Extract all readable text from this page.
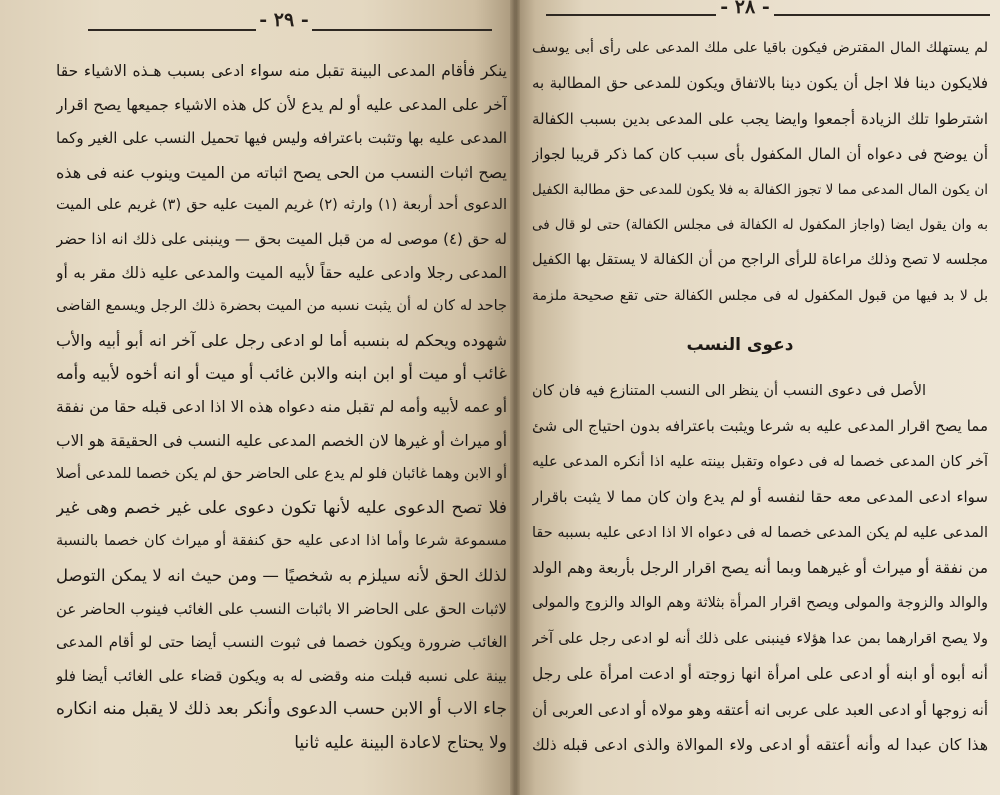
- ٢٩ -
ينكر فأقام المدعى البينة تقبل منه سواء ادعى بسبب هـذه الاشياء حقا
آخر على المدعى عليه أو لم يدع لأن كل هذه الاشياء جميعها يصح اقرار
المدعى عليه بها وتثبت باعترافه وليس فيها تحميل النسب على الغير وكما
يصح اثبات النسب من الحى يصح اثباته من الميت وينوب عنه فى هذه
الدعوى أحد أربعة (١) وارثه (٢) غريم الميت عليه حق (٣) غريم على الميت
له حق (٤) موصى له من قبل الميت بحق — وينبنى على ذلك انه اذا حضر
المدعى رجلا وادعى عليه حقاً لأبيه الميت والمدعى عليه ذلك مقر به أو
جاحد له كان له أن يثبت نسبه من الميت بحضرة ذلك الرجل ويسمع القاضى
شهوده ويحكم له بنسبه أما لو ادعى رجل على آخر انه أبو أبيه والأب
غائب أو ميت أو ابن ابنه والابن غائب أو ميت أو انه أخوه لأبيه وأمه
أو عمه لأبيه وأمه لم تقبل منه دعواه هذه الا اذا ادعى قبله حقا من نفقة
أو ميراث أو غيرها لان الخصم المدعى عليه النسب فى الحقيقة هو الاب
أو الابن وهما غائبان فلو لم يدع على الحاضر حق لم يكن خصما للمدعى أصلا
فلا تصح الدعوى عليه لأنها تكون دعوى على غير خصم وهى غير
مسموعة شرعا وأما اذا ادعى عليه حق كنفقة أو ميراث كان خصما بالنسبة
لذلك الحق لأنه سيلزم به شخصيًا — ومن حيث انه لا يمكن التوصل
لاثبات الحق على الحاضر الا باثبات النسب على الغائب فينوب الحاضر عن
الغائب ضرورة ويكون خصما فى ثبوت النسب أيضا حتى لو أقام المدعى
بينة على نسبه قبلت منه وقضى له به ويكون قضاء على الغائب أيضا فلو
جاء الاب أو الابن حسب الدعوى وأنكر بعد ذلك لا يقبل منه انكاره
ولا يحتاج لاعادة البينة عليه ثانيا
- ٢٨ -
لم يستهلك المال المقترض فيكون باقيا على ملك المدعى على رأى أبى يوسف
فلايكون دينا فلا اجل أن يكون دينا بالاتفاق ويكون للمدعى حق المطالبة به
اشترطوا تلك الزيادة أجمعوا وايضا يجب على المدعى بدين بسبب الكفالة
أن يوضح فى دعواه أن المال المكفول بأى سبب كان كما ذكر قريبا لجواز
ان يكون المال المدعى مما لا تجوز الكفالة به فلا يكون للمدعى حق مطالبة الكفيل
به وان يقول ايضا (واجاز المكفول له الكفالة فى مجلس الكفالة) حتى لو قال فى
مجلسه لا تصح وذلك مراعاة للرأى الراجح من أن الكفالة لا يستقل بها الكفيل
بل لا بد فيها من قبول المكفول له فى مجلس الكفالة حتى تقع صحيحة ملزمة
دعوى النسب
الأصل فى دعوى النسب أن ينظر الى النسب المتنازع فيه فان كان
مما يصح اقرار المدعى عليه به شرعا ويثبت باعترافه بدون احتياج الى شئ
آخر كان المدعى خصما له فى دعواه وتقبل بينته عليه اذا أنكره المدعى عليه
سواء ادعى المدعى معه حقا لنفسه أو لم يدع وان كان مما لا يثبت باقرار
المدعى عليه لم يكن المدعى خصما له فى دعواه الا اذا ادعى عليه بسببه حقا
من نفقة أو ميراث أو غيرهما وبما أنه يصح اقرار الرجل بأربعة وهم الولد
والوالد والزوجة والمولى ويصح اقرار المرأة بثلاثة وهم الوالد والزوج والمولى
ولا يصح اقرارهما بمن عدا هؤلاء فينبنى على ذلك أنه لو ادعى رجل على آخر
أنه أبوه أو ابنه أو ادعى على امرأة انها زوجته أو ادعت امرأة على رجل
أنه زوجها أو ادعى العبد على عربى انه أعتقه وهو مولاه أو ادعى العربى أن
هذا كان عبدا له وأنه أعتقه أو ادعى ولاء الموالاة والذى ادعى قبله ذلك
